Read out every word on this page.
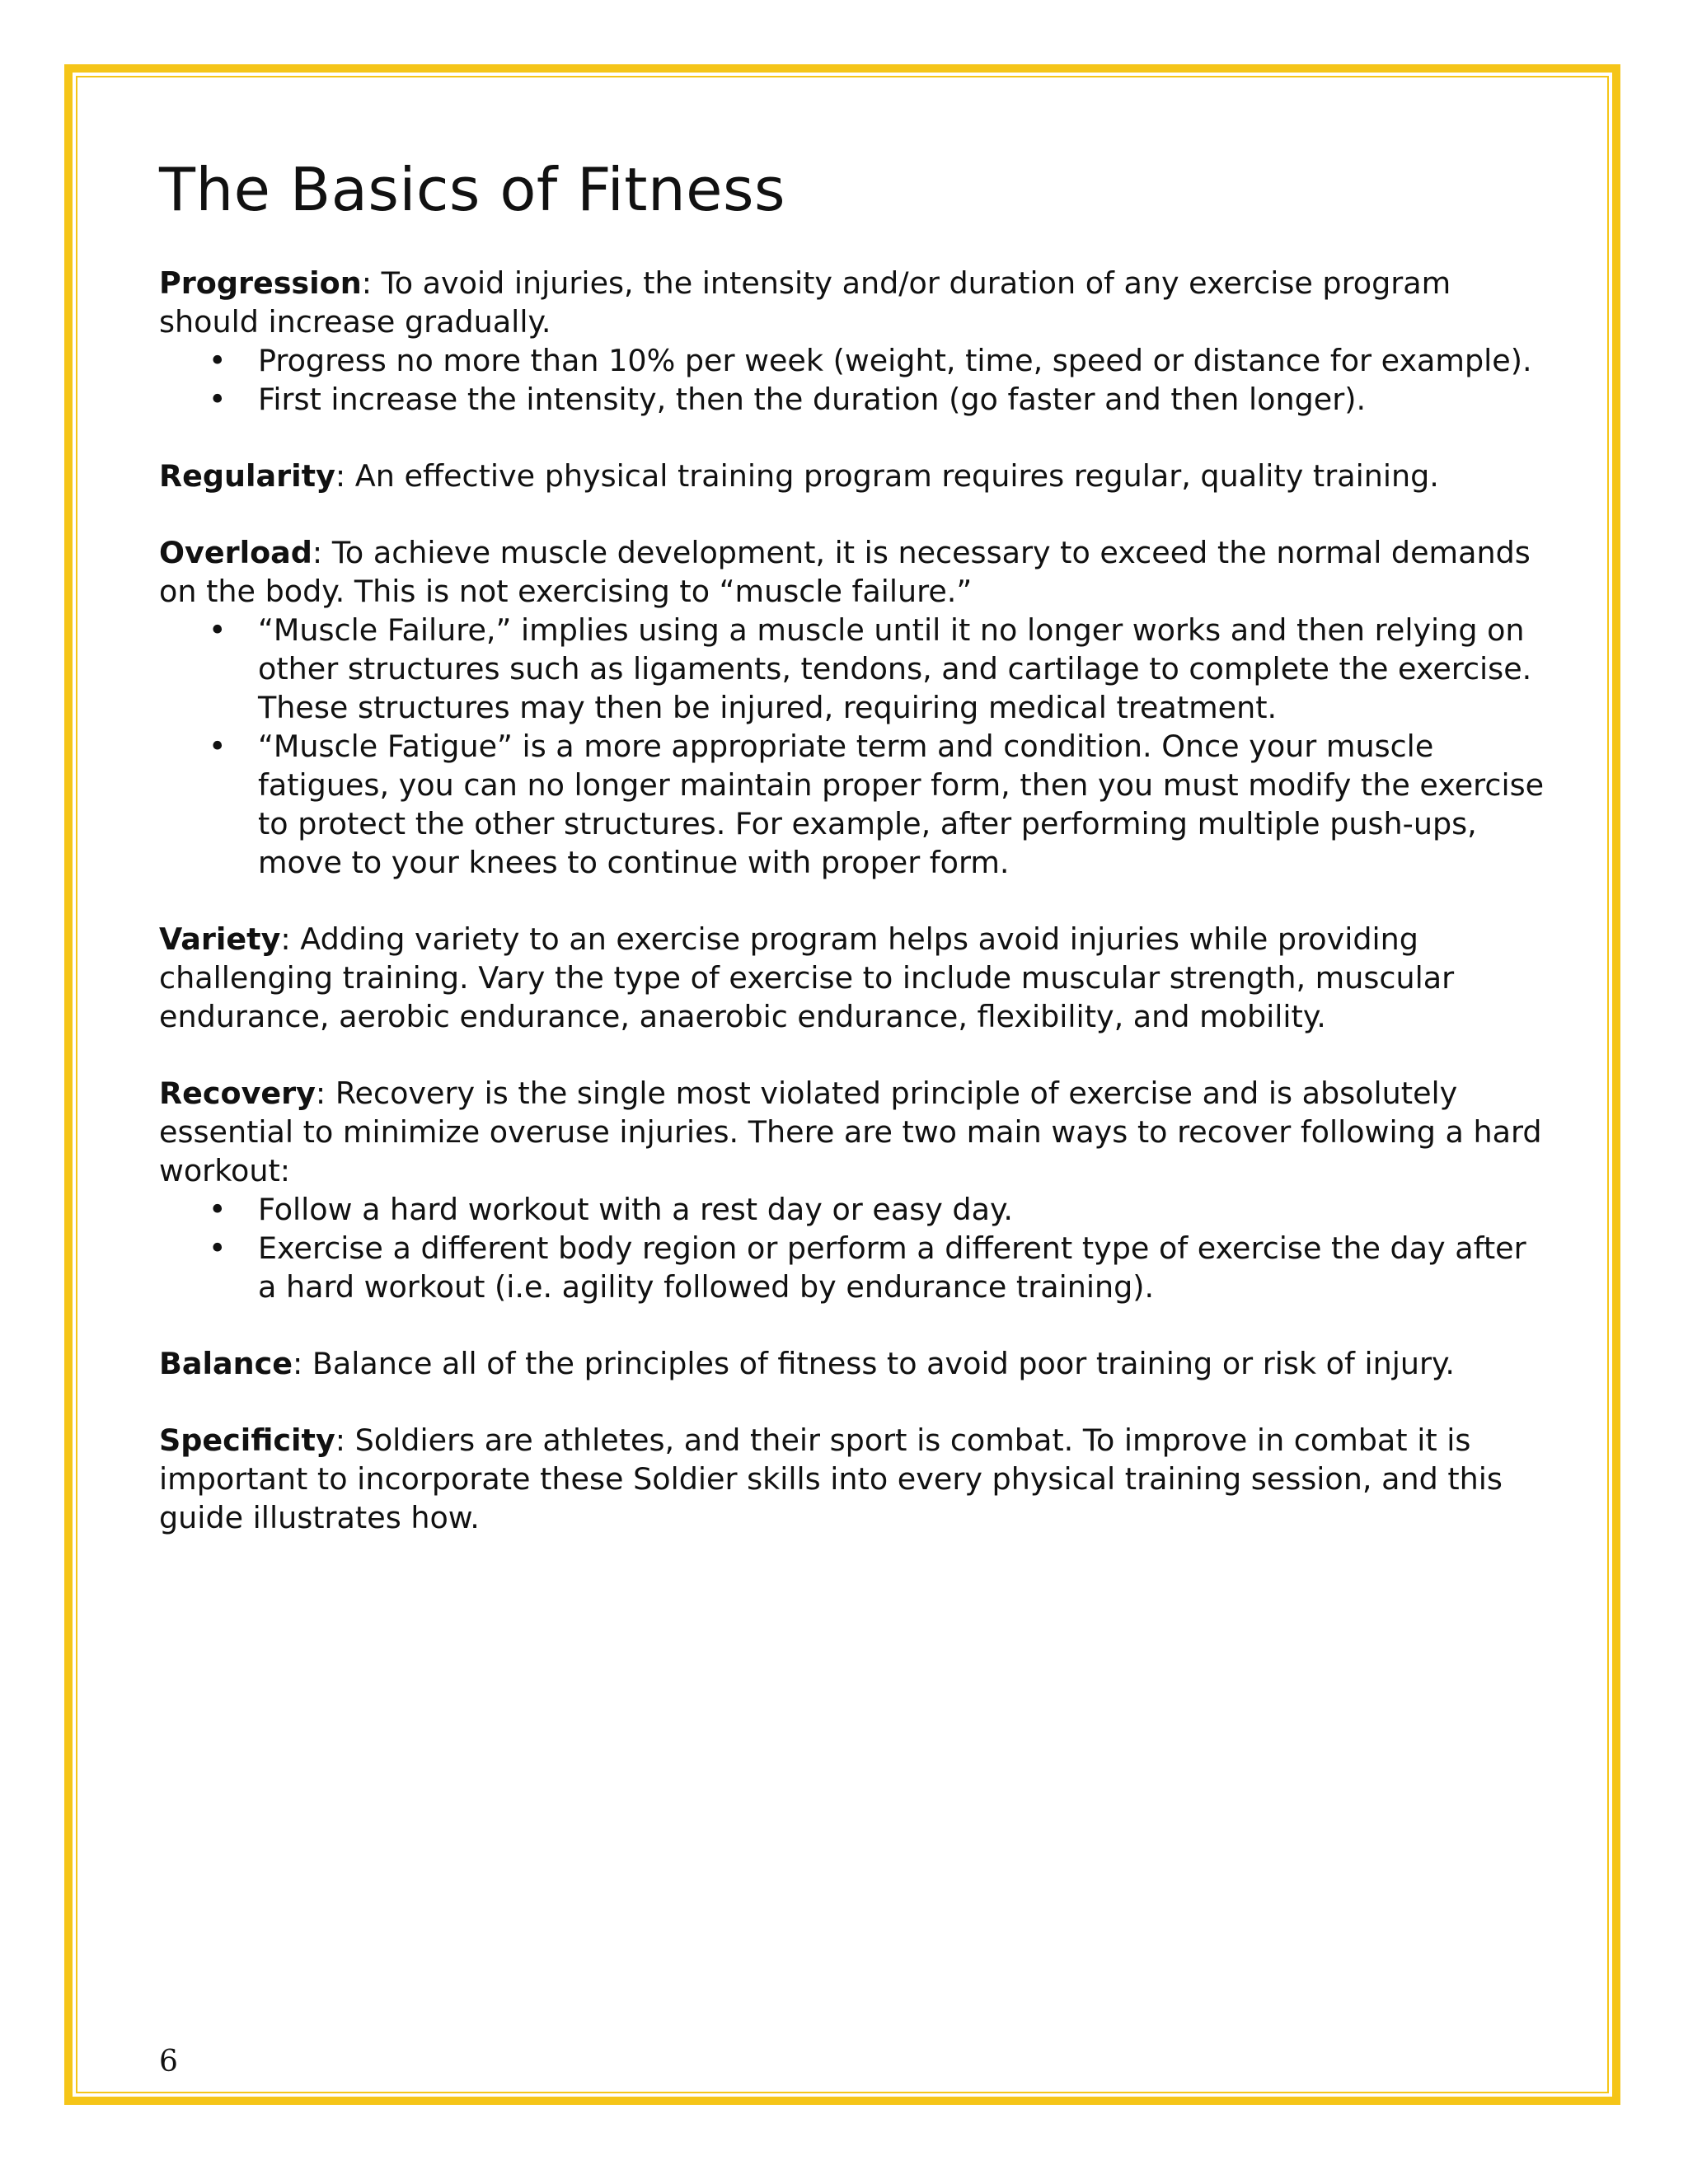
The Basics of Fitness

Progression: To avoid injuries, the intensity and/or duration of any exercise program should increase gradually.

• Progress no more than 10% per week (weight, time, speed or distance for example).
• First increase the intensity, then the duration (go faster and then longer).

Regularity: An effective physical training program requires regular, quality training.

Overload: To achieve muscle development, it is necessary to exceed the normal demands on the body. This is not exercising to “muscle failure.”

• “Muscle Failure,” implies using a muscle until it no longer works and then relying on other structures such as ligaments, tendons, and cartilage to complete the exercise. These structures may then be injured, requiring medical treatment.
• “Muscle Fatigue” is a more appropriate term and condition. Once your muscle fatigues, you can no longer maintain proper form, then you must modify the exercise to protect the other structures. For example, after performing multiple push-ups, move to your knees to continue with proper form.

Variety: Adding variety to an exercise program helps avoid injuries while providing challenging training. Vary the type of exercise to include muscular strength, muscular endurance, aerobic endurance, anaerobic endurance, flexibility, and mobility.

Recovery: Recovery is the single most violated principle of exercise and is absolutely essential to minimize overuse injuries. There are two main ways to recover following a hard workout:

• Follow a hard workout with a rest day or easy day.
• Exercise a different body region or perform a different type of exercise the day after a hard workout (i.e. agility followed by endurance training).

Balance: Balance all of the principles of fitness to avoid poor training or risk of injury.

Specificity: Soldiers are athletes, and their sport is combat. To improve in combat it is important to incorporate these Soldier skills into every physical training session, and this guide illustrates how.

6
